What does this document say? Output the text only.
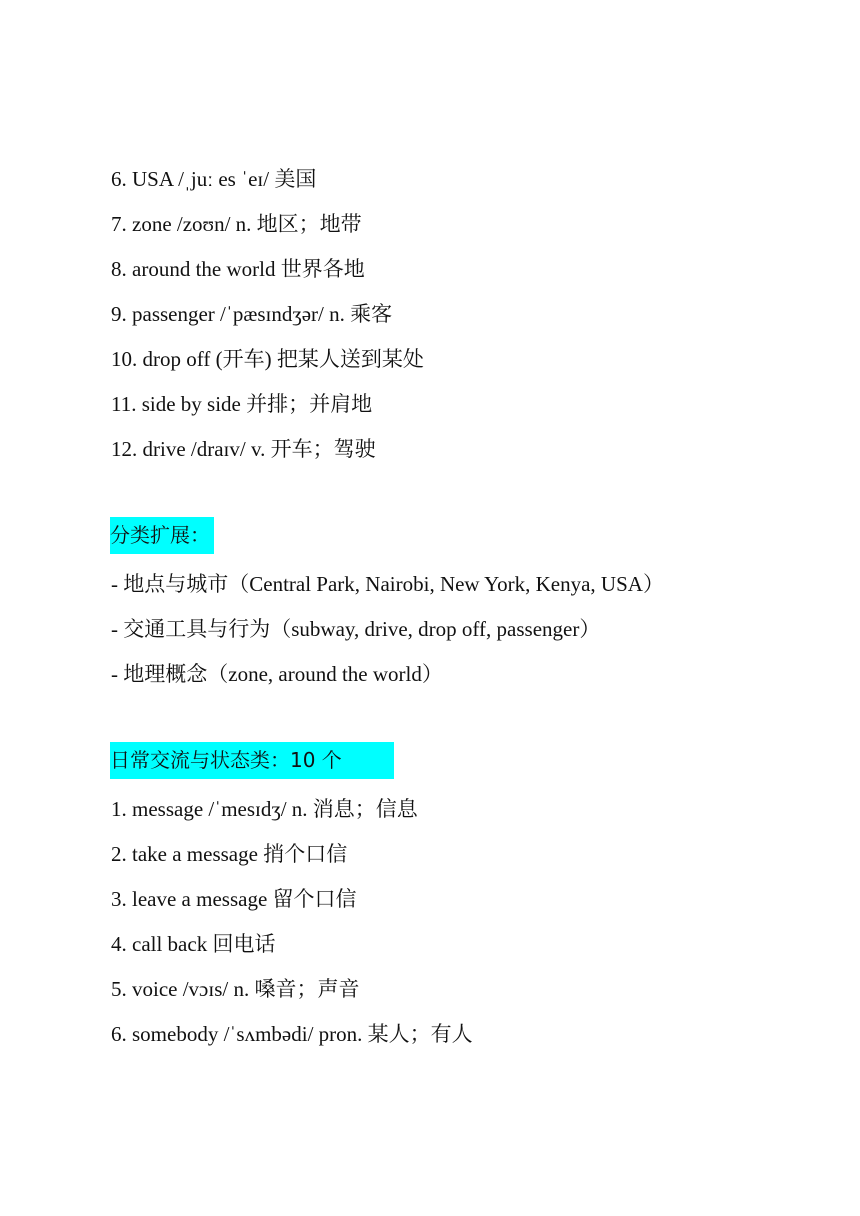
6. USA /ˌjuː es ˈeɪ/ 美国
7. zone /zoʊn/ n. 地区；地带
8. around the world 世界各地
9. passenger /ˈpæsɪndʒər/ n. 乘客
10. drop off (开车) 把某人送到某处
11. side by side 并排；并肩地
12. drive /draɪv/ v. 开车；驾驶
分类扩展：
- 地点与城市（Central Park, Nairobi, New York, Kenya, USA）
- 交通工具与行为（subway, drive, drop off, passenger）
- 地理概念（zone, around the world）
日常交流与状态类：10 个
1. message /ˈmesɪdʒ/ n. 消息；信息
2. take a message 捎个口信
3. leave a message 留个口信
4. call back 回电话
5. voice /vɔɪs/ n. 嗓音；声音
6. somebody /ˈsʌmbədi/ pron. 某人；有人
